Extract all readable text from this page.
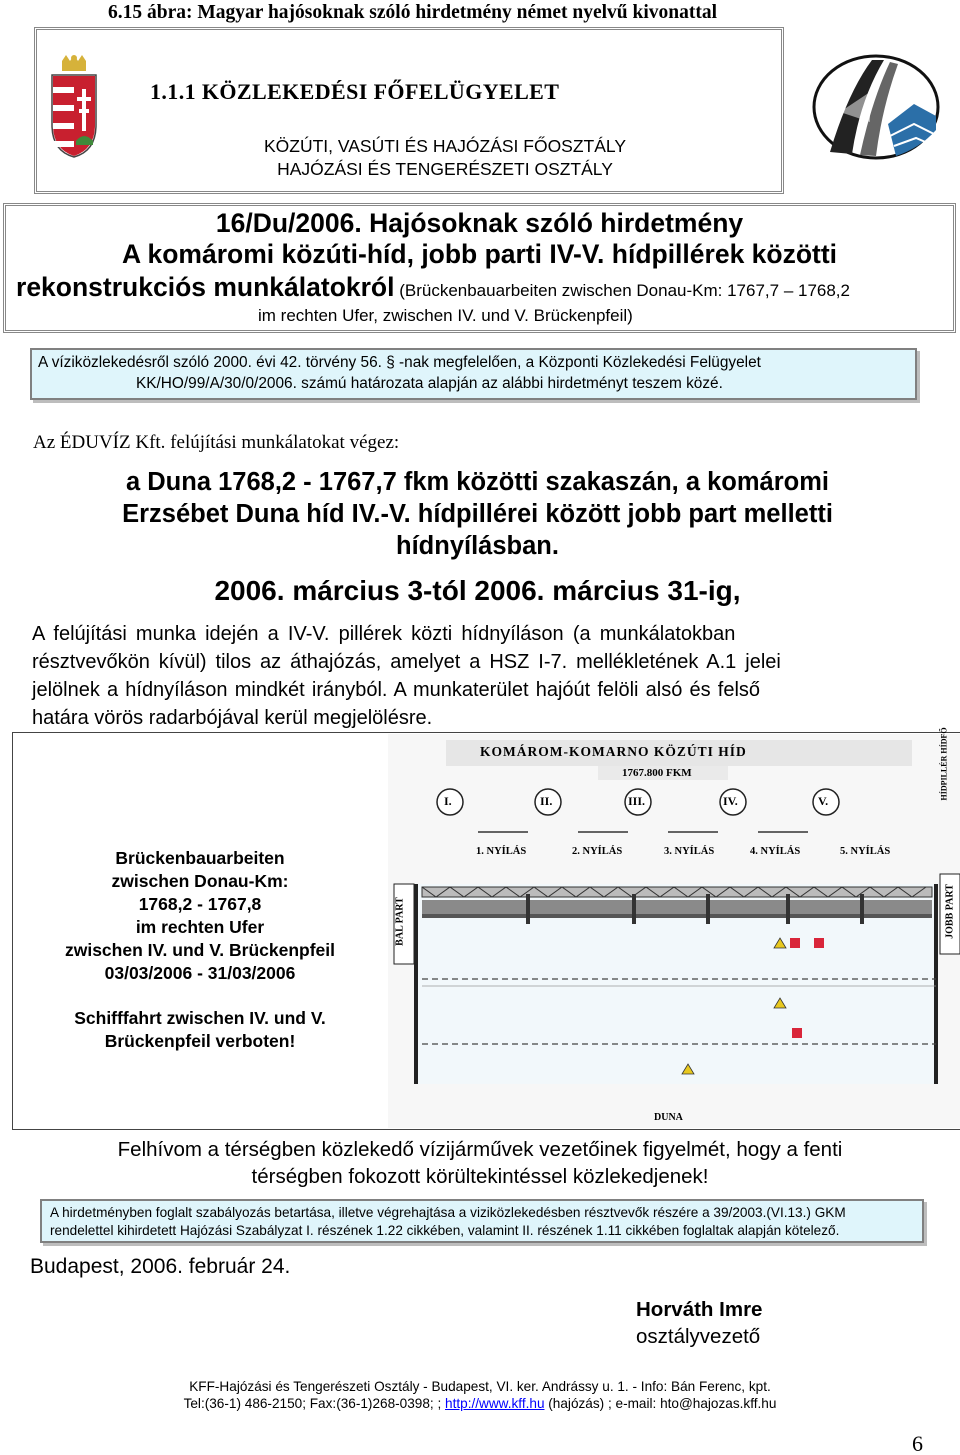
6.15 ábra: Magyar hajósoknak szóló hirdetmény német nyelvű kivonattal
1.1.1 KÖZLEKEDÉSI FŐFELÜGYELET
KÖZÚTI, VASÚTI ÉS HAJÓZÁSI FŐOSZTÁLY
HAJÓZÁSI ÉS TENGERÉSZETI OSZTÁLY
16/Du/2006. Hajósoknak szóló hirdetmény
A komáromi közúti-híd, jobb parti IV-V. hídpillérek közötti
rekonstrukciós munkálatokról (Brückenbauarbeiten zwischen Donau-Km: 1767,7 – 1768,2
im rechten Ufer, zwischen IV. und V. Brückenpfeil)
A víziközlekedésről szóló 2000. évi 42. törvény 56. § -nak megfelelően, a Központi Közlekedési Felügyelet
KK/HO/99/A/30/0/2006. számú határozata alapján az alábbi hirdetményt teszem közé.
Az ÉDUVÍZ Kft. felújítási munkálatokat végez:
a Duna 1768,2 - 1767,7 fkm közötti szakaszán, a komáromi
Erzsébet Duna híd IV.-V. hídpillérei között jobb part melletti
hídnyílásban.
2006. március 3-tól 2006. március 31-ig,
A felújítási munka idején a IV-V. pillérek közti hídnyíláson (a munkálatokban
résztvevőkön kívül) tilos az áthajózás, amelyet a HSZ I-7. mellékletének A.1 jelei
jelölnek a hídnyíláson mindkét irányból. A munkaterület hajóút felöli alsó és felső
határa vörös radarbójával kerül megjelölésre.
KOMÁROM-KOMARNO KÖZÚTI HÍD
1767.800 FKM
I.	II.	III.	IV.	V.
1. NYÍLÁS	2. NYÍLÁS	3. NYÍLÁS	4. NYÍLÁS	5. NYÍLÁS
BAL PART	JOBB PART
HÍDPILLÉR HÍDFŐ
DUNA
Brückenbauarbeiten
zwischen Donau-Km:
1768,2 - 1767,8
im rechten Ufer
zwischen IV. und V. Brückenpfeil
03/03/2006 - 31/03/2006
Schifffahrt zwischen IV. und V.
Brückenpfeil verboten!
Felhívom a térségben közlekedő vízijárművek vezetőinek figyelmét, hogy a fenti
térségben fokozott körültekintéssel közlekedjenek!
A hirdetményben foglalt szabályozás betartása, illetve végrehajtása a viziközlekedésben résztvevők részére a 39/2003.(VI.13.) GKM
rendelettel kihirdetett Hajózási Szabályzat I. részének 1.22 cikkében, valamint II. részének 1.11 cikkében foglaltak alapján kötelező.
Budapest, 2006. február 24.
Horváth Imre
osztályvezető
KFF-Hajózási és Tengerészeti Osztály - Budapest, VI. ker. Andrássy u. 1. - Info: Bán Ferenc, kpt.
Tel:(36-1) 486-2150; Fax:(36-1)268-0398; ; http://www.kff.hu (hajózás) ; e-mail: hto@hajozas.kff.hu
6
